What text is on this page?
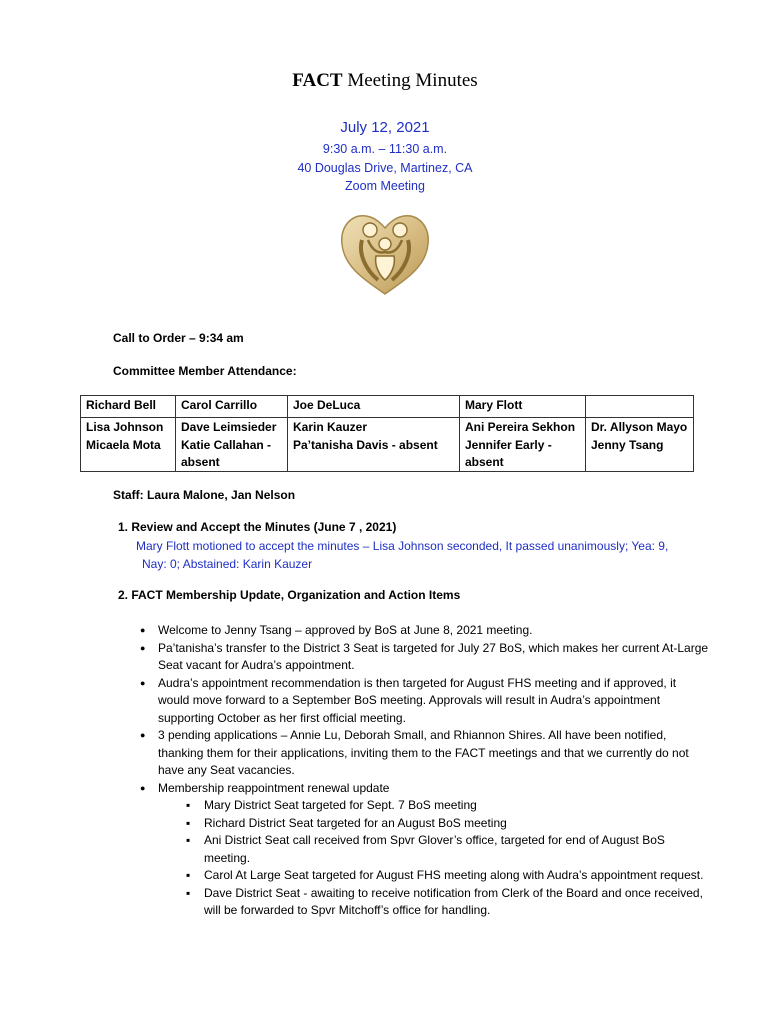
FACT Meeting Minutes
July 12, 2021
9:30 a.m. – 11:30 a.m.
40 Douglas Drive, Martinez, CA
Zoom Meeting
Call to Order – 9:34 am
Committee Member Attendance:
Richard Bell	Carol Carrillo	Joe DeLuca	Mary Flott	
Lisa Johnson	Dave Leimsieder	Karin Kauzer	Ani Pereira Sekhon	Dr. Allyson Mayo
Micaela Mota	Katie Callahan - absent	Pa’tanisha Davis - absent	Jennifer Early - absent	Jenny Tsang
Staff: Laura Malone, Jan Nelson
1. Review and Accept the Minutes (June 7 , 2021)
Mary Flott motioned to accept the minutes – Lisa Johnson seconded, It passed unanimously; Yea: 9,
Nay: 0; Abstained: Karin Kauzer
2. FACT Membership Update, Organization and Action Items
● Welcome to Jenny Tsang – approved by BoS at June 8, 2021 meeting.
● Pa’tanisha’s transfer to the District 3 Seat is targeted for July 27 BoS, which makes her current At-Large Seat vacant for Audra’s appointment.
● Audra’s appointment recommendation is then targeted for August FHS meeting and if approved, it would move forward to a September BoS meeting. Approvals will result in Audra’s appointment supporting October as her first official meeting.
● 3 pending applications – Annie Lu, Deborah Small, and Rhiannon Shires. All have been notified, thanking them for their applications, inviting them to the FACT meetings and that we currently do not have any Seat vacancies.
● Membership reappointment renewal update
▪ Mary District Seat targeted for Sept. 7 BoS meeting
▪ Richard District Seat targeted for an August BoS meeting
▪ Ani District Seat call received from Spvr Glover’s office, targeted for end of August BoS meeting.
▪ Carol At Large Seat targeted for August FHS meeting along with Audra’s appointment request.
▪ Dave District Seat - awaiting to receive notification from Clerk of the Board and once received, will be forwarded to Spvr Mitchoff’s office for handling.
